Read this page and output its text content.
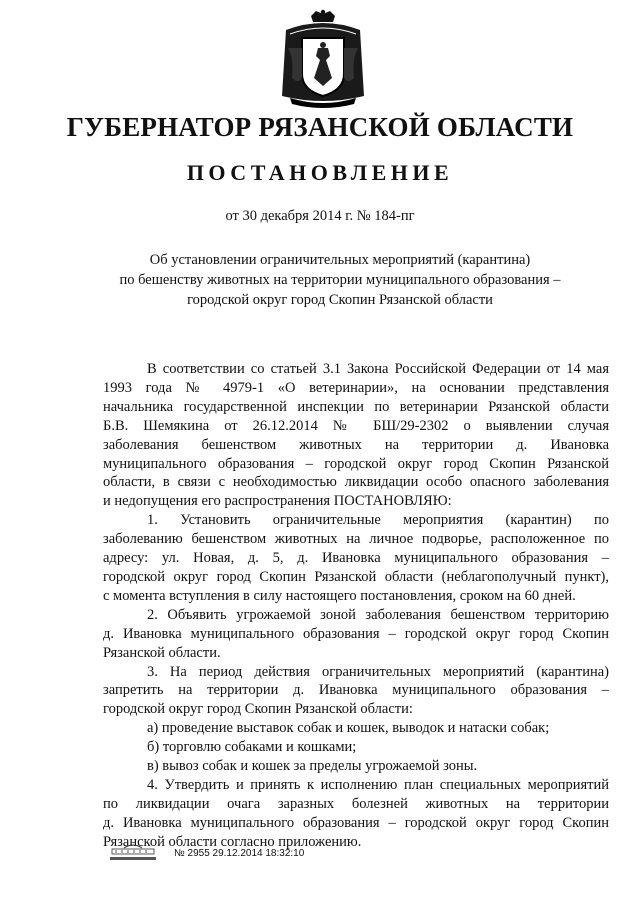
ГУБЕРНАТОР РЯЗАНСКОЙ ОБЛАСТИ
ПОСТАНОВЛЕНИЕ
от 30 декабря 2014 г. № 184-пг
Об установлении ограничительных мероприятий (карантина)
по бешенству животных на территории муниципального образования –
городской округ город Скопин Рязанской области
В соответствии со статьей 3.1 Закона Российской Федерации от 14 мая
1993 года № 4979-1 «О ветеринарии», на основании представления
начальника государственной инспекции по ветеринарии Рязанской области
Б.В. Шемякина от 26.12.2014 № БШ/29-2302 о выявлении случая
заболевания бешенством животных на территории д. Ивановка
муниципального образования – городской округ город Скопин Рязанской
области, в связи с необходимостью ликвидации особо опасного заболевания
и недопущения его распространения ПОСТАНОВЛЯЮ:
1. Установить ограничительные мероприятия (карантин) по
заболеванию бешенством животных на личное подворье, расположенное по
адресу: ул. Новая, д. 5, д. Ивановка муниципального образования –
городской округ город Скопин Рязанской области (неблагополучный пункт),
с момента вступления в силу настоящего постановления, сроком на 60 дней.
2. Объявить угрожаемой зоной заболевания бешенством территорию
д. Ивановка муниципального образования – городской округ город Скопин
Рязанской области.
3. На период действия ограничительных мероприятий (карантина)
запретить на территории д. Ивановка муниципального образования –
городской округ город Скопин Рязанской области:
а) проведение выставок собак и кошек, выводок и натаски собак;
б) торговлю собаками и кошками;
в) вывоз собак и кошек за пределы угрожаемой зоны.
4. Утвердить и принять к исполнению план специальных мероприятий
по ликвидации очага заразных болезней животных на территории
д. Ивановка муниципального образования – городской округ город Скопин
Рязанской области согласно приложению.
№ 2955 29.12.2014 18:32:10
